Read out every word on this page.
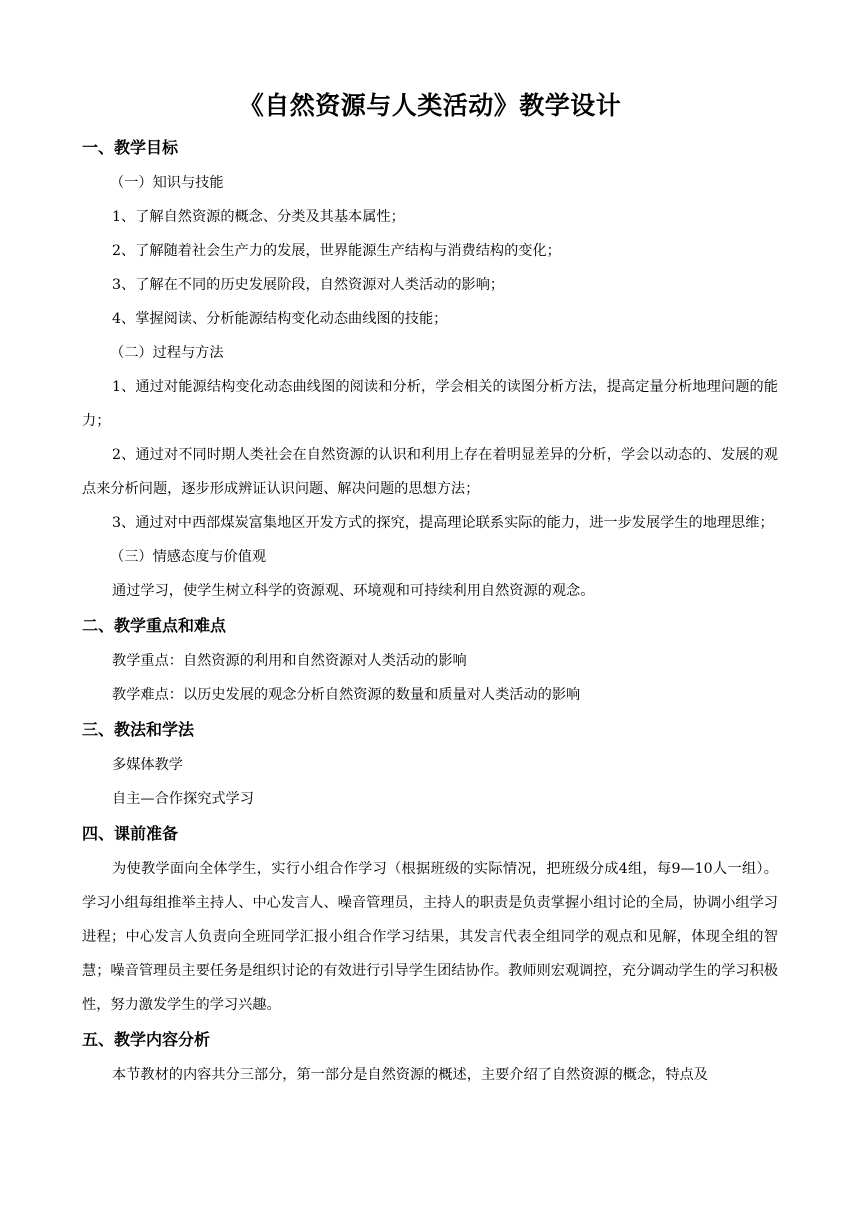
《自然资源与人类活动》教学设计
一、教学目标
（一）知识与技能
1、了解自然资源的概念、分类及其基本属性；
2、了解随着社会生产力的发展，世界能源生产结构与消费结构的变化；
3、了解在不同的历史发展阶段，自然资源对人类活动的影响；
4、掌握阅读、分析能源结构变化动态曲线图的技能；
（二）过程与方法
1、通过对能源结构变化动态曲线图的阅读和分析，学会相关的读图分析方法，提高定量分析地理问题的能力；
2、通过对不同时期人类社会在自然资源的认识和利用上存在着明显差异的分析，学会以动态的、发展的观点来分析问题，逐步形成辨证认识问题、解决问题的思想方法；
3、通过对中西部煤炭富集地区开发方式的探究，提高理论联系实际的能力，进一步发展学生的地理思维；
（三）情感态度与价值观
通过学习，使学生树立科学的资源观、环境观和可持续利用自然资源的观念。
二、教学重点和难点
教学重点：自然资源的利用和自然资源对人类活动的影响
教学难点：以历史发展的观念分析自然资源的数量和质量对人类活动的影响
三、教法和学法
多媒体教学
自主—合作探究式学习
四、课前准备
为使教学面向全体学生，实行小组合作学习（根据班级的实际情况，把班级分成4组，每9—10人一组）。学习小组每组推举主持人、中心发言人、噪音管理员，主持人的职责是负责掌握小组讨论的全局，协调小组学习进程；中心发言人负责向全班同学汇报小组合作学习结果，其发言代表全组同学的观点和见解，体现全组的智慧；噪音管理员主要任务是组织讨论的有效进行引导学生团结协作。教师则宏观调控，充分调动学生的学习积极性，努力激发学生的学习兴趣。
五、教学内容分析
本节教材的内容共分三部分，第一部分是自然资源的概述，主要介绍了自然资源的概念，特点及
